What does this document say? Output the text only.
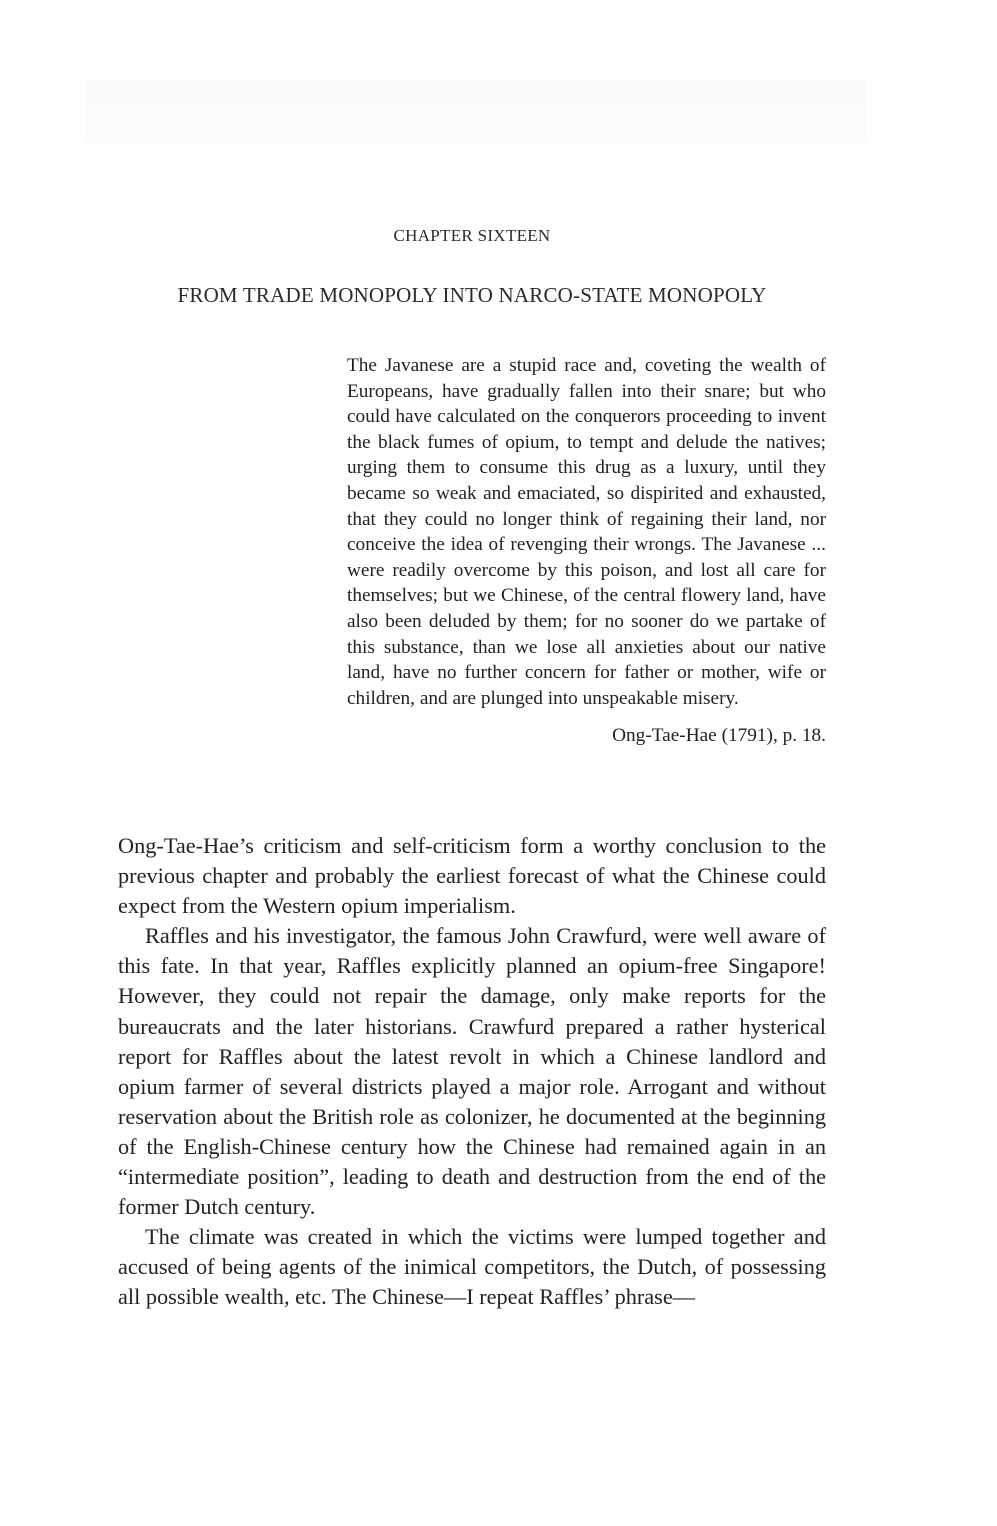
CHAPTER SIXTEEN
FROM TRADE MONOPOLY INTO NARCO-STATE MONOPOLY

The Javanese are a stupid race and, coveting the wealth of Europeans, have gradually fallen into their snare; but who could have calculated on the conquerors proceeding to invent the black fumes of opium, to tempt and delude the natives; urging them to consume this drug as a luxury, until they became so weak and emaciated, so dispirited and exhausted, that they could no longer think of regaining their land, nor conceive the idea of revenging their wrongs. The Javanese ... were readily overcome by this poison, and lost all care for themselves; but we Chinese, of the central flowery land, have also been deluded by them; for no sooner do we partake of this substance, than we lose all anxieties about our native land, have no further concern for father or mother, wife or children, and are plunged into unspeakable misery.

Ong-Tae-Hae (1791), p. 18.

Ong-Tae-Hae’s criticism and self-criticism form a worthy conclusion to the previous chapter and probably the earliest forecast of what the Chinese could expect from the Western opium imperialism.

Raffles and his investigator, the famous John Crawfurd, were well aware of this fate. In that year, Raffles explicitly planned an opium-free Singapore! However, they could not repair the damage, only make reports for the bureaucrats and the later historians. Crawfurd prepared a rather hysterical report for Raffles about the latest revolt in which a Chinese landlord and opium farmer of several districts played a major role. Arrogant and without reservation about the British role as colonizer, he documented at the beginning of the English-Chinese century how the Chinese had remained again in an “intermediate position”, leading to death and destruction from the end of the former Dutch century.

The climate was created in which the victims were lumped together and accused of being agents of the inimical competitors, the Dutch, of possessing all possible wealth, etc. The Chinese—I repeat Raffles’ phrase—
